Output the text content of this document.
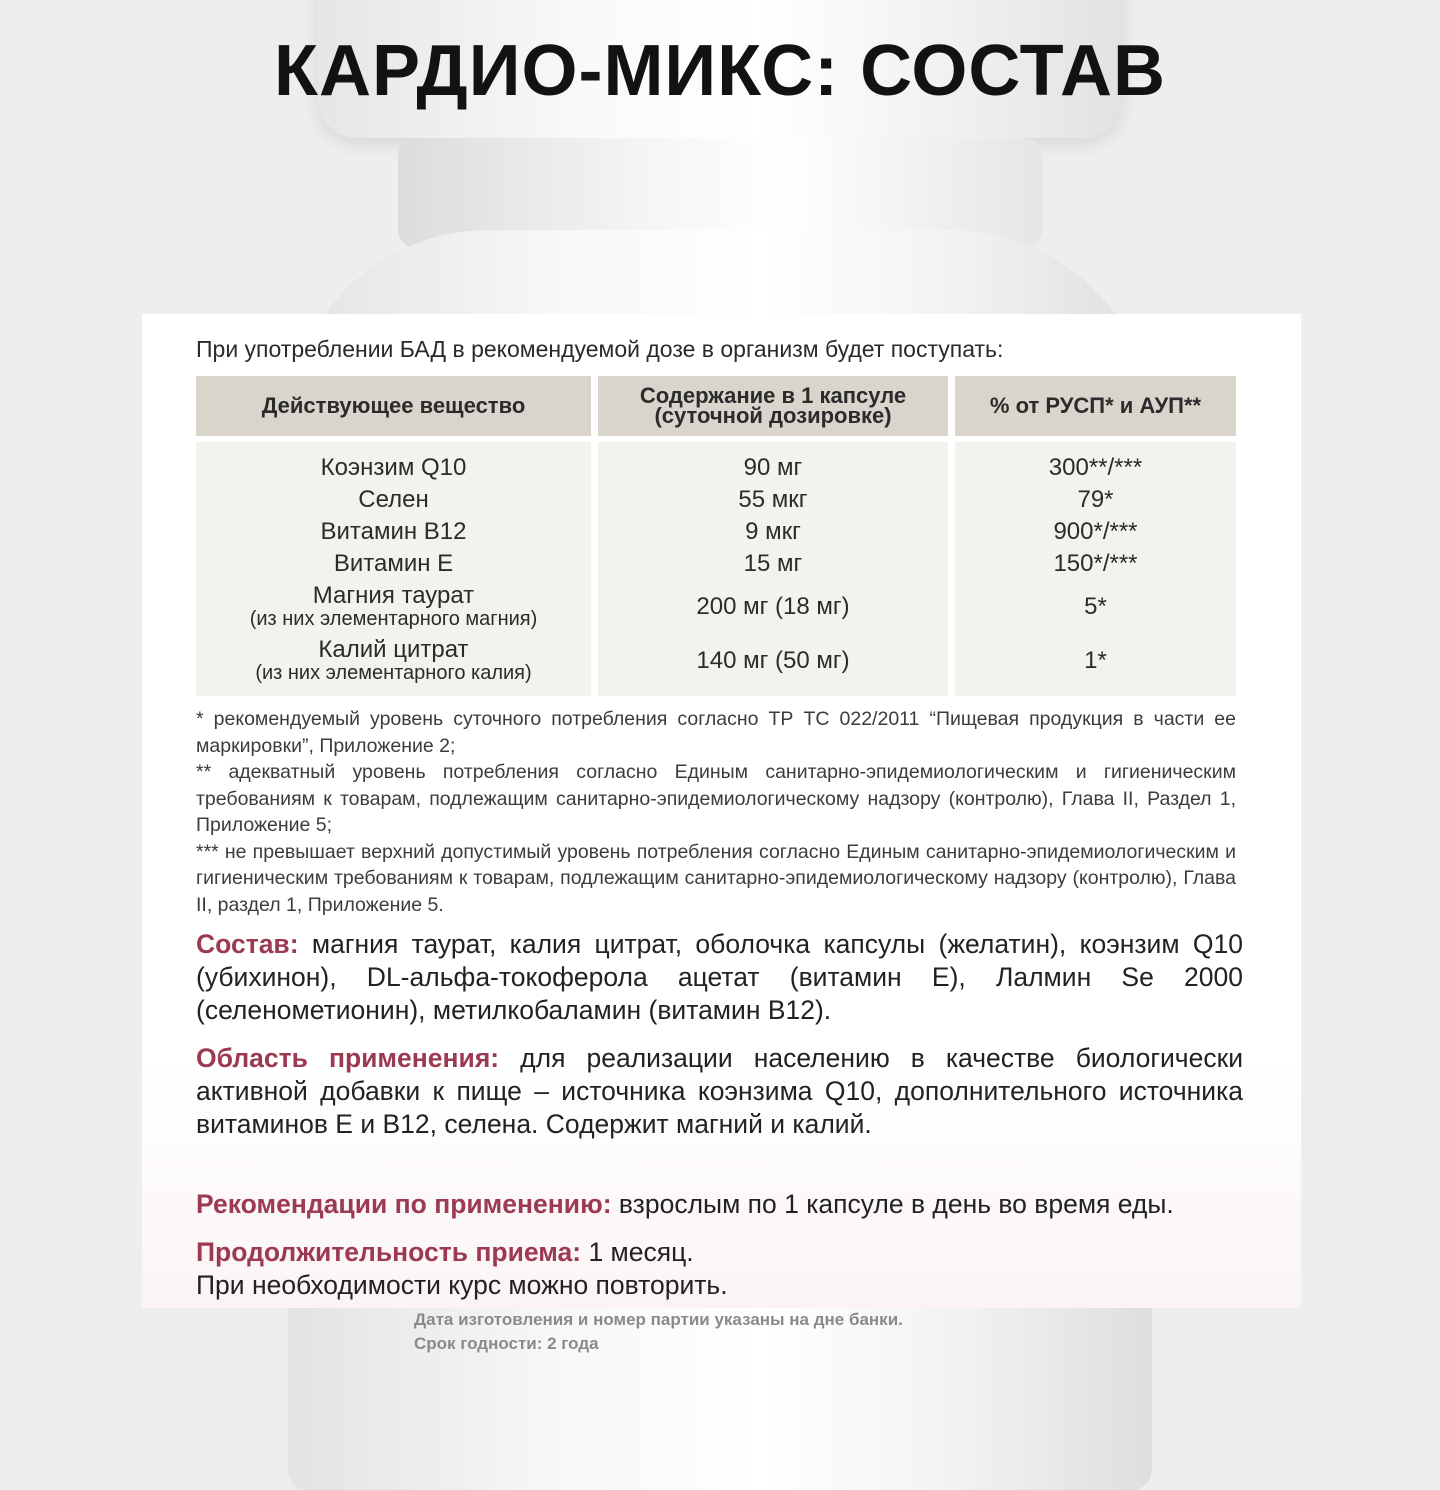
Дата изготовления и номер партии указаны на дне банки.
Срок годности: 2 года
КАРДИО-МИКС: СОСТАВ

При употреблении БАД в рекомендуемой дозе в организм будет поступать:

Действующее вещество	Содержание в 1 капсуле
(суточной дозировке)	% от РУСП* и АУП**
Коэнзим Q10
Селен
Витамин В12
Витамин Е
Магния таурат
(из них элементарного магния)
Калий цитрат
(из них элементарного калия)
90 мг
55 мкг
9 мкг
15 мг
200 мг (18 мг)
140 мг (50 мг)
300**/***
79*
900*/***
150*/***
5*
1*

* рекомендуемый уровень суточного потребления согласно ТР ТС 022/2011 “Пищевая продукция в части ее маркировки”, Приложение 2;

** адекватный уровень потребления согласно Единым санитарно-эпидемиологическим и гигиеническим требованиям к товарам, подлежащим санитарно-эпидемиологическому надзору (контролю), Глава II, Раздел 1, Приложение 5;

*** не превышает верхний допустимый уровень потребления согласно Единым санитарно-эпидемиологическим и гигиеническим требованиям к товарам, подлежащим санитарно-эпидемиологическому надзору (контролю), Глава II, раздел 1, Приложение 5.

Состав: магния таурат, калия цитрат, оболочка капсулы (желатин), коэнзим Q10 (убихинон), DL-альфа-токоферола ацетат (витамин Е), Лалмин Se 2000 (селенометионин), метилкобаламин (витамин В12).

Область применения: для реализации населению в качестве биологически активной добавки к пище – источника коэнзима Q10, дополнительного источника витаминов Е и В12, селена. Содержит магний и калий.

Рекомендации по применению: взрослым по 1 капсуле в день во время еды.

Продолжительность приема: 1 месяц.
При необходимости курс можно повторить.
